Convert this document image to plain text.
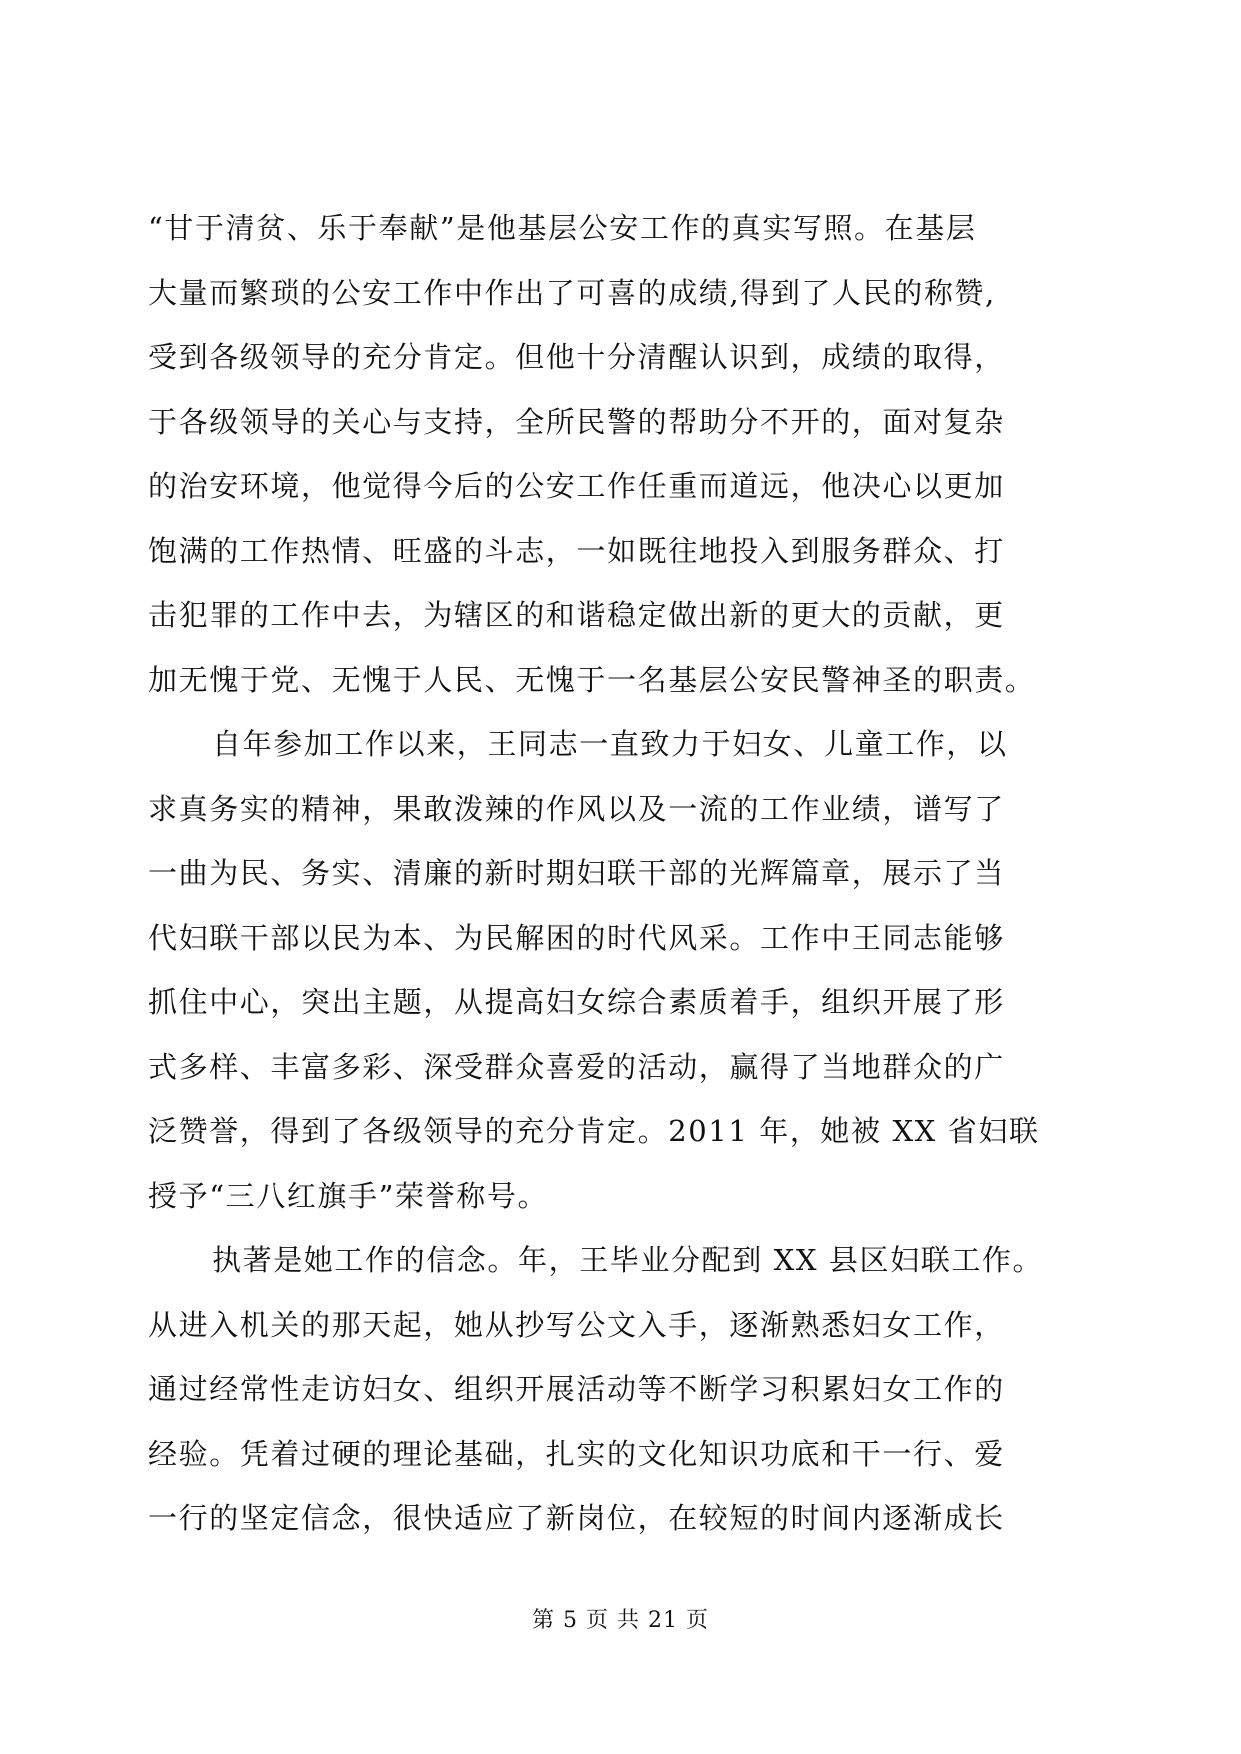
“甘于清贫、乐于奉献”是他基层公安工作的真实写照。在基层
大量而繁琐的公安工作中作出了可喜的成绩,得到了人民的称赞,
受到各级领导的充分肯定。但他十分清醒认识到，成绩的取得，
于各级领导的关心与支持，全所民警的帮助分不开的，面对复杂
的治安环境，他觉得今后的公安工作任重而道远，他决心以更加
饱满的工作热情、旺盛的斗志，一如既往地投入到服务群众、打
击犯罪的工作中去，为辖区的和谐稳定做出新的更大的贡献，更
加无愧于党、无愧于人民、无愧于一名基层公安民警神圣的职责。
自年参加工作以来，王同志一直致力于妇女、儿童工作，以
求真务实的精神，果敢泼辣的作风以及一流的工作业绩，谱写了
一曲为民、务实、清廉的新时期妇联干部的光辉篇章，展示了当
代妇联干部以民为本、为民解困的时代风采。工作中王同志能够
抓住中心，突出主题，从提高妇女综合素质着手，组织开展了形
式多样、丰富多彩、深受群众喜爱的活动，赢得了当地群众的广
泛赞誉，得到了各级领导的充分肯定。2011 年，她被 XX 省妇联
授予“三八红旗手”荣誉称号。
执著是她工作的信念。年，王毕业分配到 XX 县区妇联工作。
从进入机关的那天起，她从抄写公文入手，逐渐熟悉妇女工作，
通过经常性走访妇女、组织开展活动等不断学习积累妇女工作的
经验。凭着过硬的理论基础，扎实的文化知识功底和干一行、爱
一行的坚定信念，很快适应了新岗位，在较短的时间内逐渐成长
第 5 页 共 21 页
